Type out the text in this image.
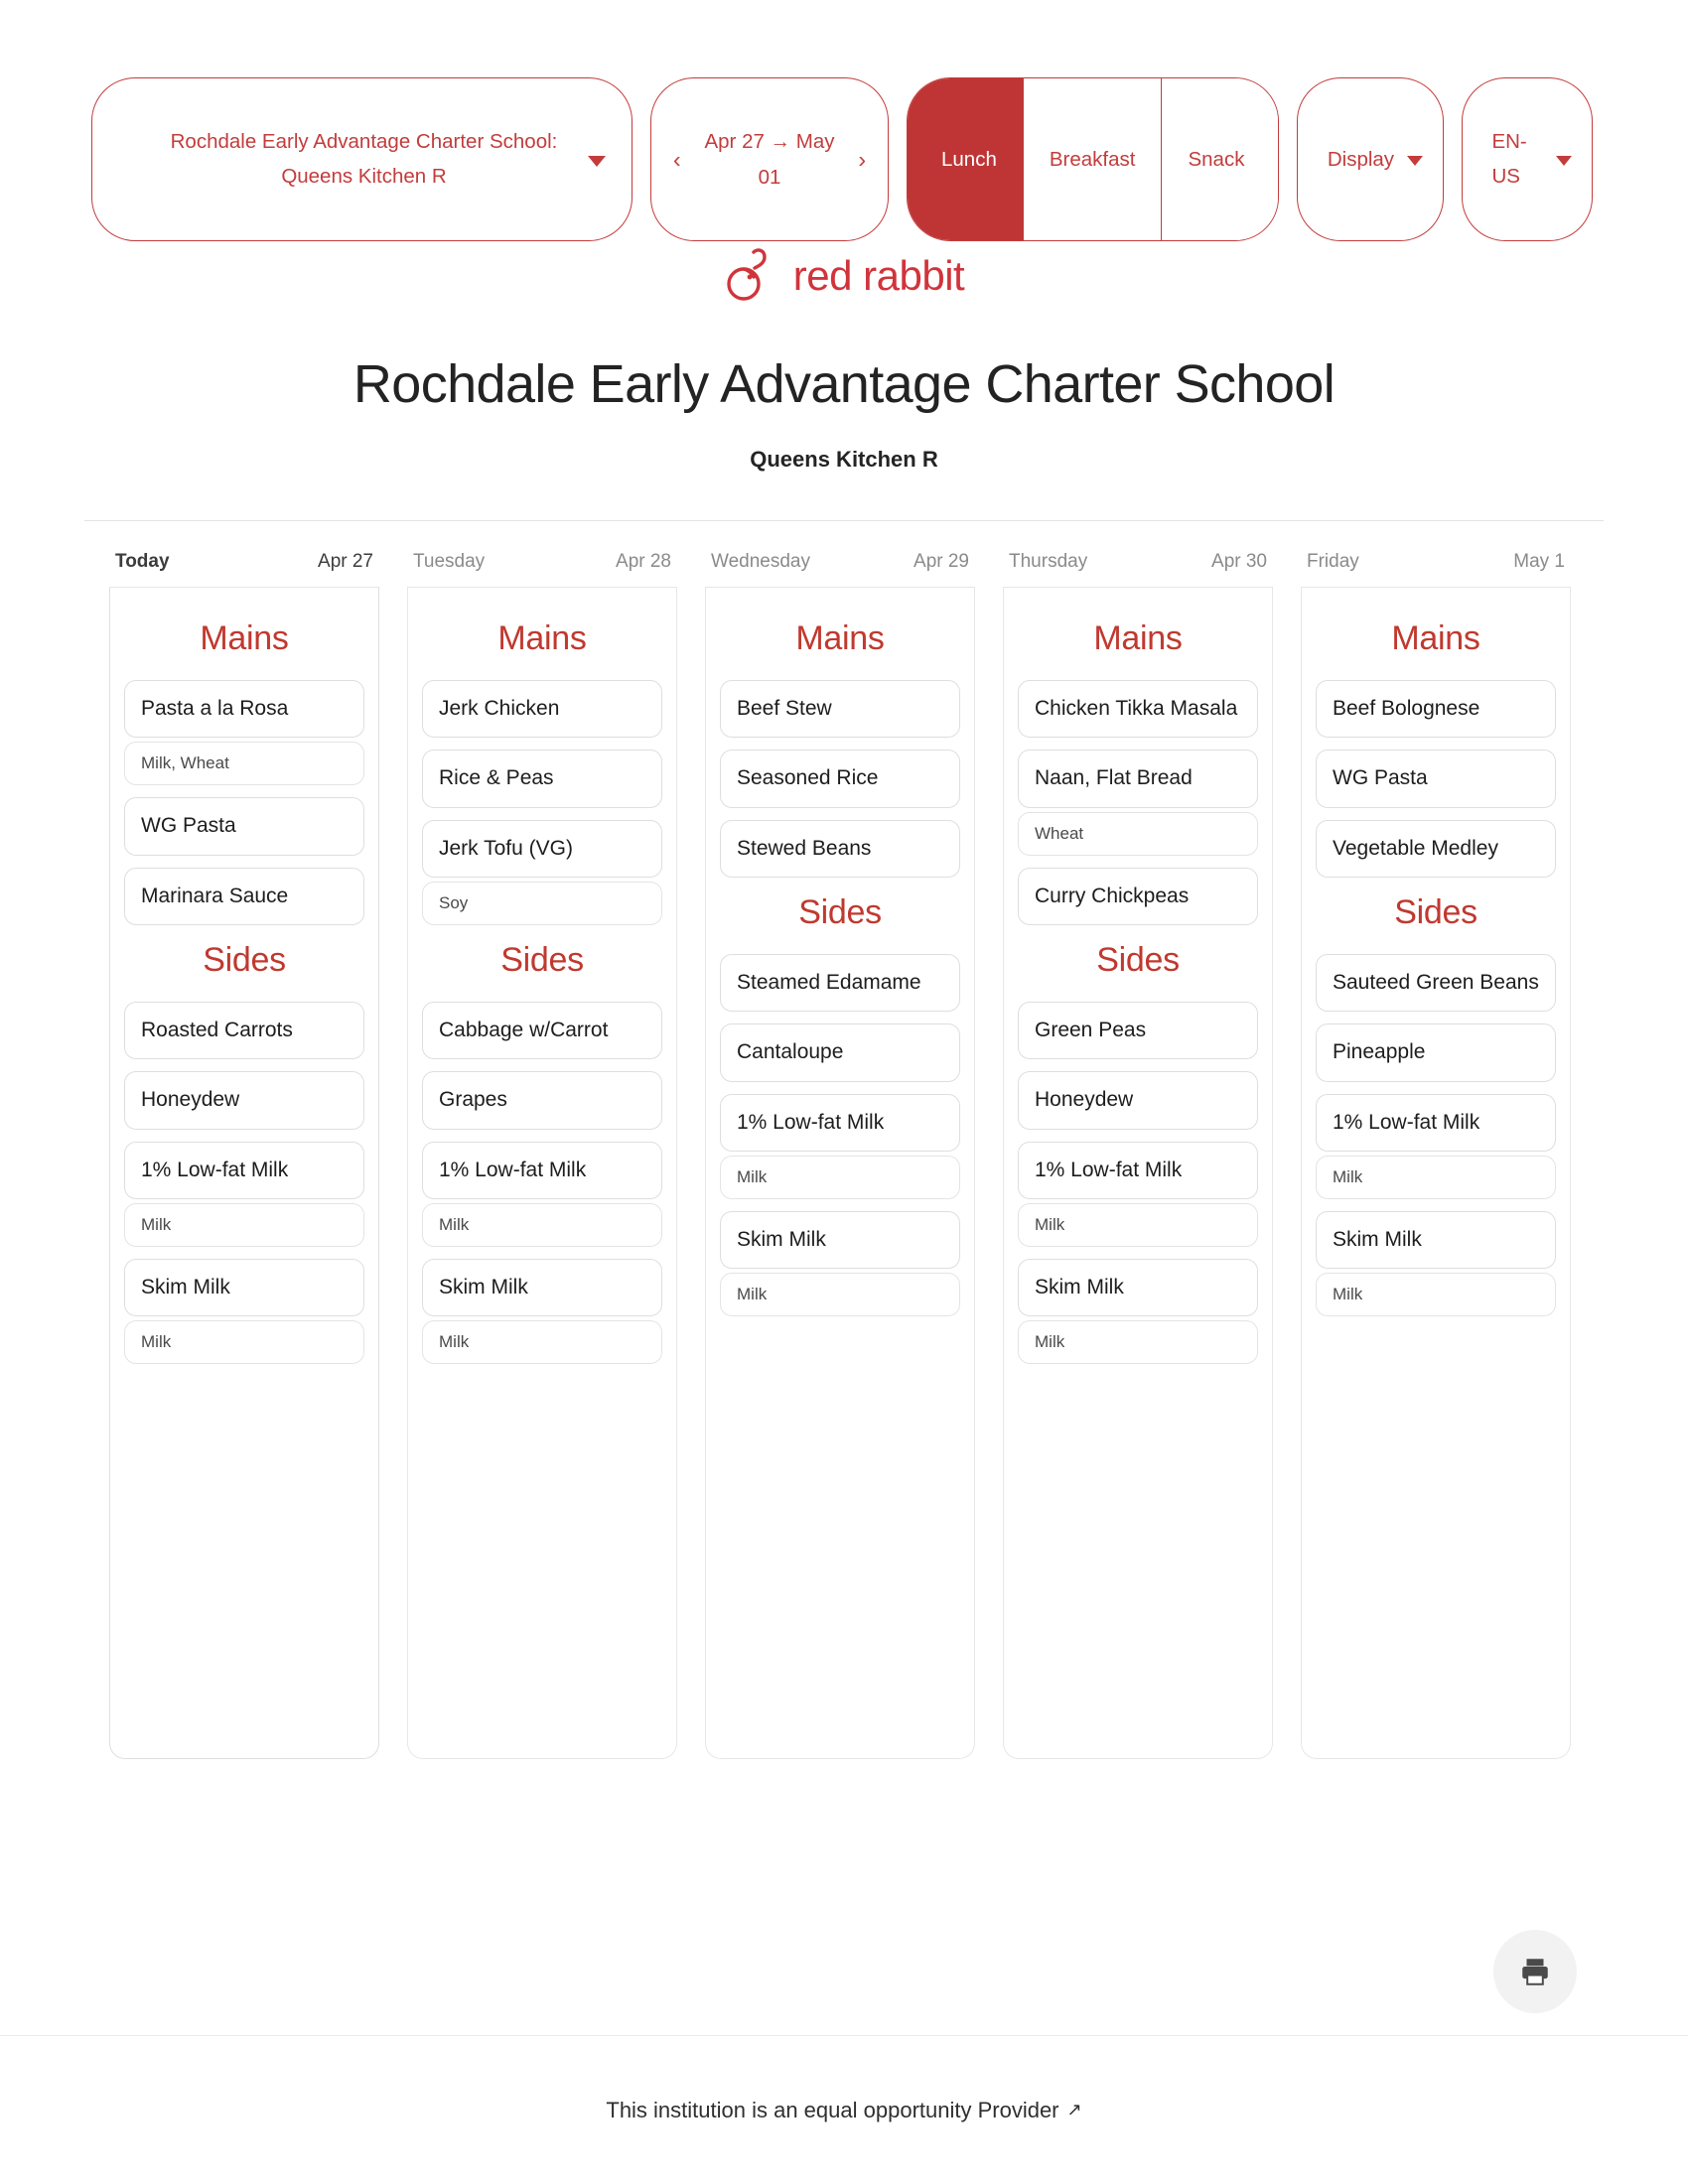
Rochdale Early Advantage Charter School: Queens Kitchen R
‹
Apr 27 → May 01
›	Lunch	Breakfast	Snack	Display
EN-US
red rabbit
Rochdale Early Advantage Charter School
Queens Kitchen R
Today	Apr 27
Mains
Pasta a la Rosa
Milk, Wheat
WG Pasta
Marinara Sauce
Sides
Roasted Carrots
Honeydew
1% Low-fat Milk
Milk
Skim Milk
Milk
Tuesday	Apr 28
Mains
Jerk Chicken
Rice & Peas
Jerk Tofu (VG)
Soy
Sides
Cabbage w/Carrot
Grapes
1% Low-fat Milk
Milk
Skim Milk
Milk
Wednesday	Apr 29
Mains
Beef Stew
Seasoned Rice
Stewed Beans
Sides
Steamed Edamame
Cantaloupe
1% Low-fat Milk
Milk
Skim Milk
Milk
Thursday	Apr 30
Mains
Chicken Tikka Masala
Naan, Flat Bread
Wheat
Curry Chickpeas
Sides
Green Peas
Honeydew
1% Low-fat Milk
Milk
Skim Milk
Milk
Friday	May 1
Mains
Beef Bolognese
WG Pasta
Vegetable Medley
Sides
Sauteed Green Beans
Pineapple
1% Low-fat Milk
Milk
Skim Milk
Milk
This institution is an equal opportunity Provider ↗
